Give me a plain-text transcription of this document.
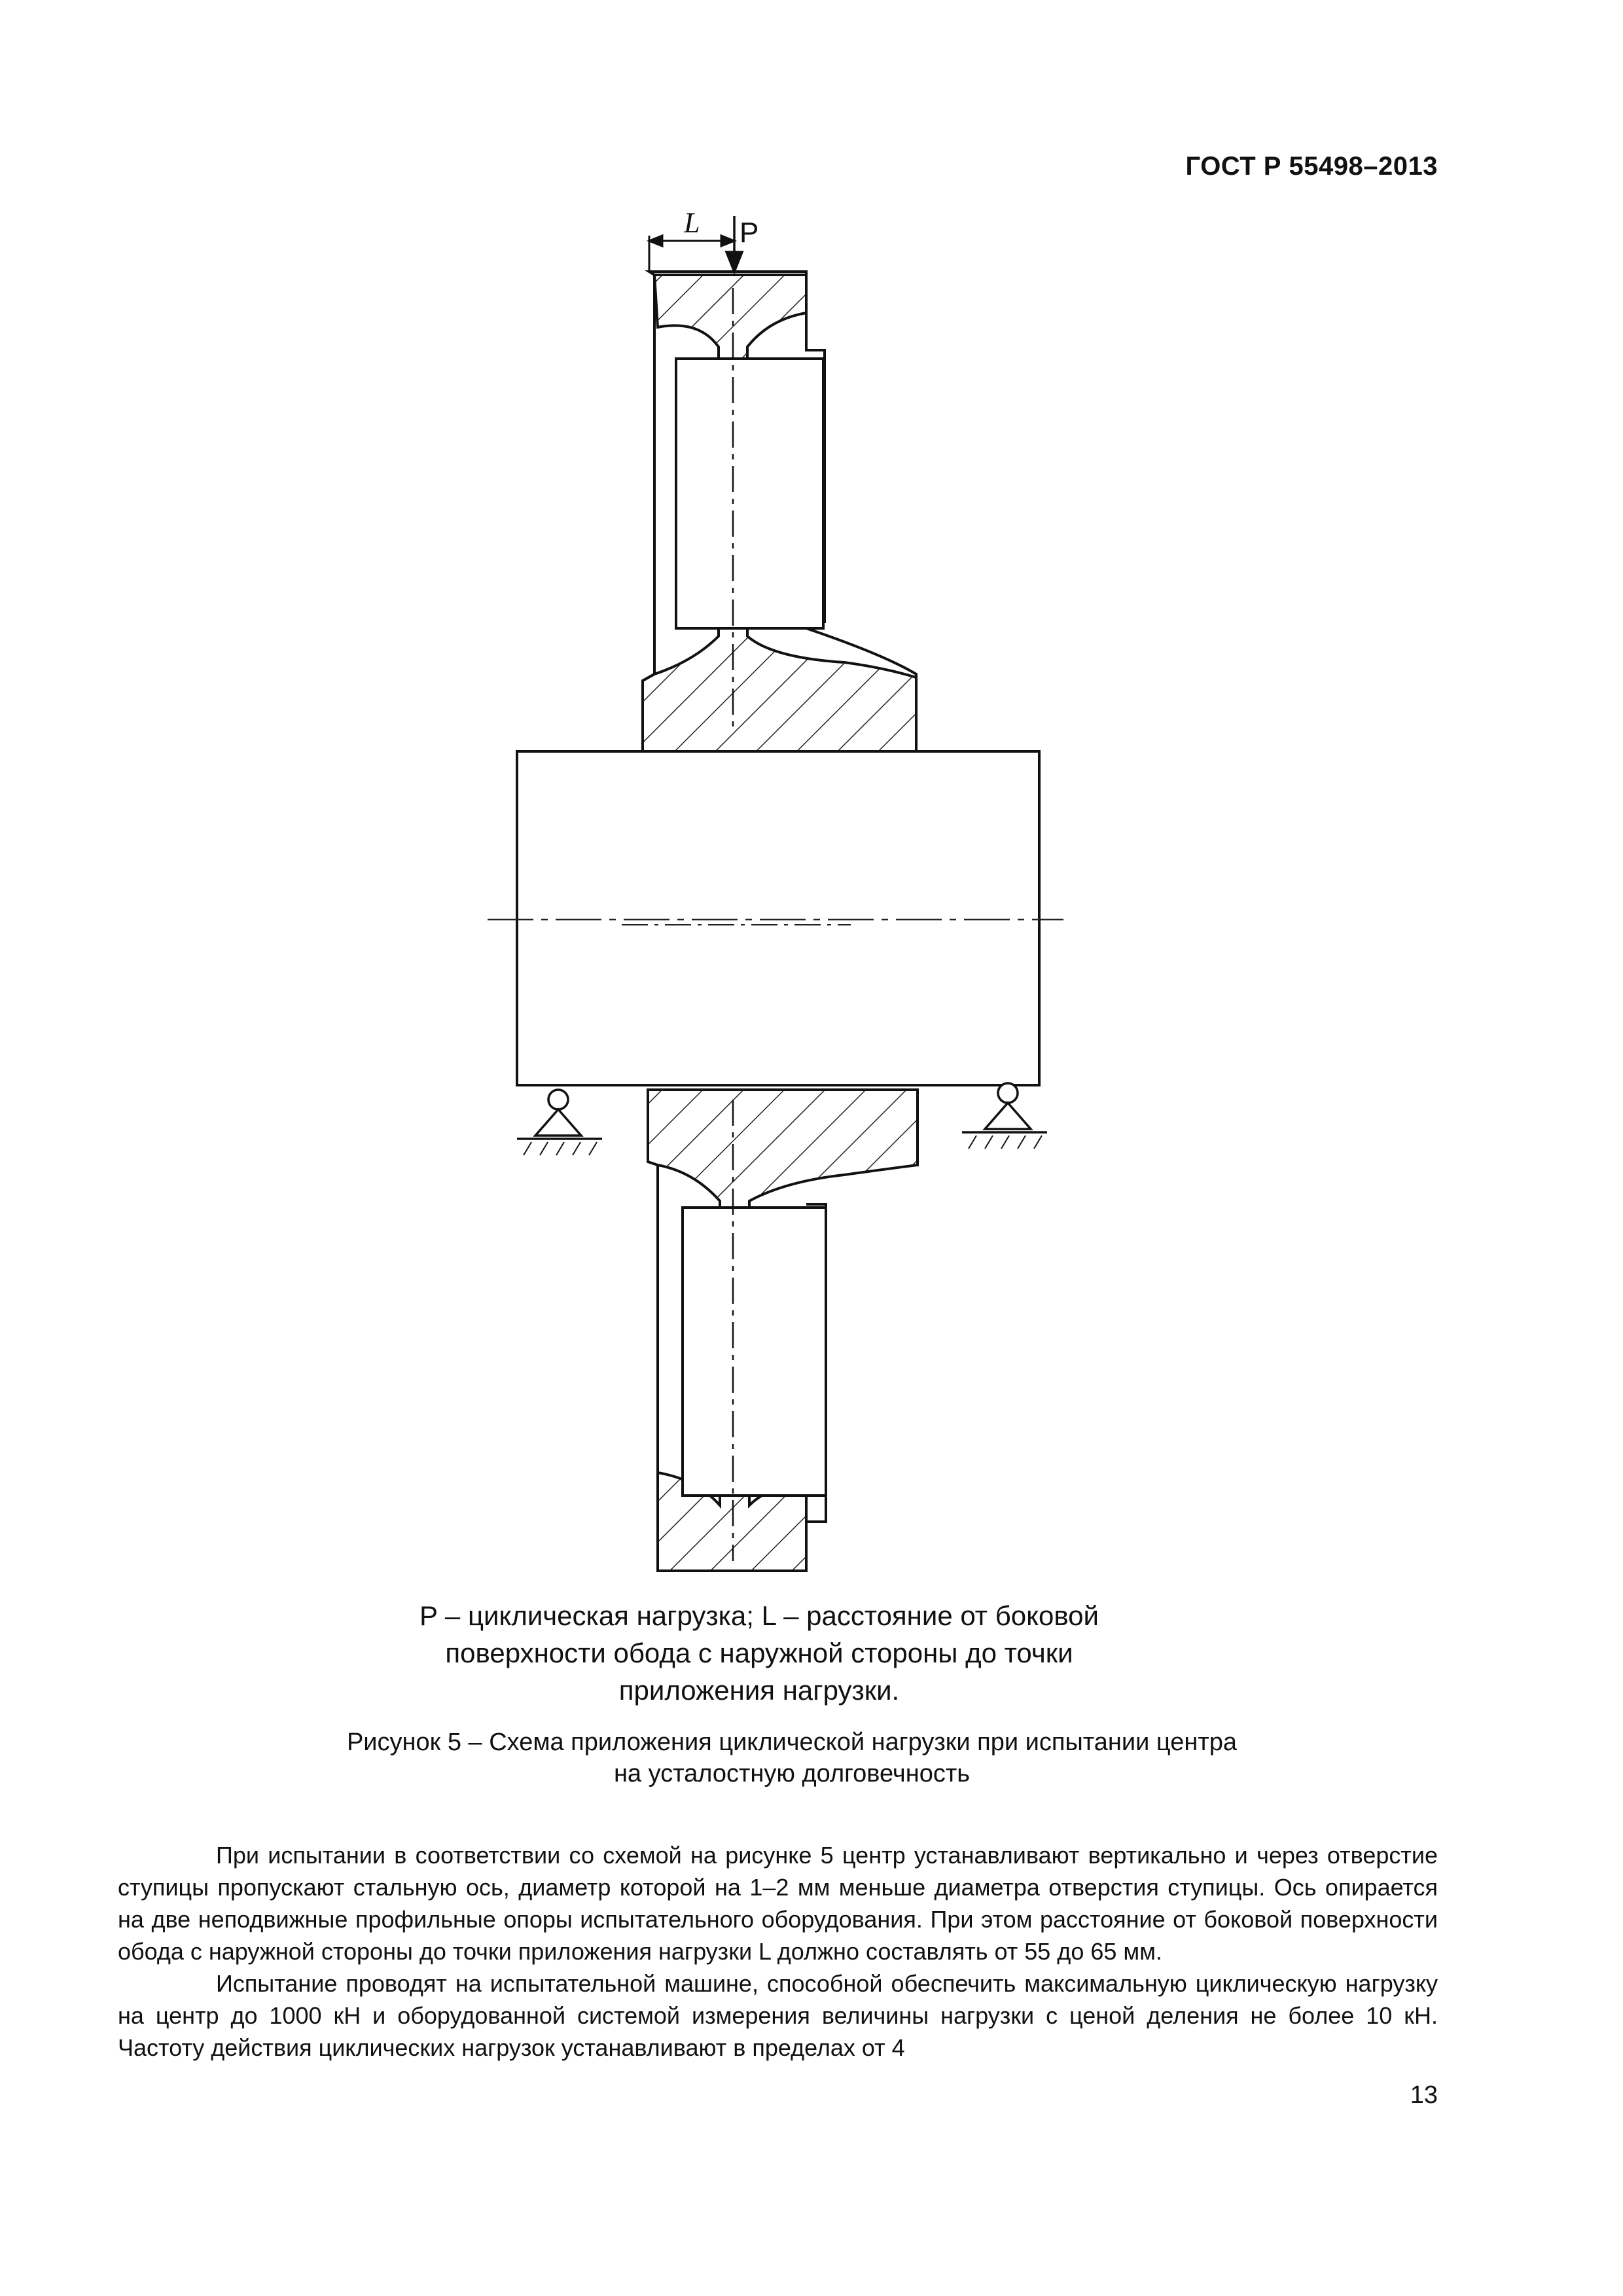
ГОСТ Р 55498–2013
L P
P – циклическая нагрузка; L – расстояние от боковой
поверхности обода с наружной стороны до точки
приложения нагрузки.
Рисунок 5 – Схема приложения циклической нагрузки при испытании центра
на усталостную долговечность

При испытании в соответствии со схемой на рисунке 5 центр устанавливают вертикально и через отверстие ступицы пропускают стальную ось, диаметр которой на 1–2 мм меньше диаметра отверстия ступицы. Ось опирается на две неподвижные профильные опоры испытательного оборудования. При этом расстояние от боковой поверхности обода с наружной стороны до точки приложения нагрузки L должно составлять от 55 до 65 мм.

Испытание проводят на испытательной машине, способной обеспечить максимальную циклическую нагрузку на центр до 1000 кН и оборудованной системой измерения величины нагрузки с ценой деления не более 10 кН. Частоту действия циклических нагрузок устанавливают в пределах от 4

13
